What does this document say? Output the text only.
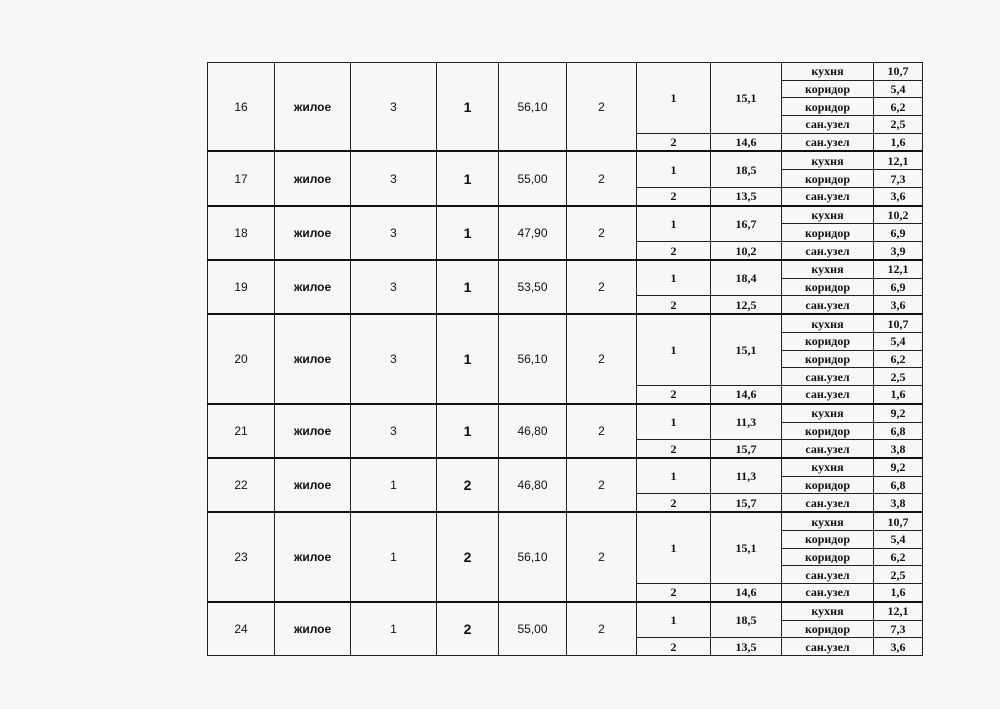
16	жилое	3	1	56,10	2	1	15,1	кухня	10,7
								коридор	5,4
								коридор	6,2
								сан.узел	2,5
						2	14,6	сан.узел	1,6
17	жилое	3	1	55,00	2	1	18,5	кухня	12,1
								коридор	7,3
						2	13,5	сан.узел	3,6
18	жилое	3	1	47,90	2	1	16,7	кухня	10,2
								коридор	6,9
						2	10,2	сан.узел	3,9
19	жилое	3	1	53,50	2	1	18,4	кухня	12,1
								коридор	6,9
						2	12,5	сан.узел	3,6
20	жилое	3	1	56,10	2	1	15,1	кухня	10,7
								коридор	5,4
								коридор	6,2
								сан.узел	2,5
						2	14,6	сан.узел	1,6
21	жилое	3	1	46,80	2	1	11,3	кухня	9,2
								коридор	6,8
						2	15,7	сан.узел	3,8
22	жилое	1	2	46,80	2	1	11,3	кухня	9,2
								коридор	6,8
						2	15,7	сан.узел	3,8
23	жилое	1	2	56,10	2	1	15,1	кухня	10,7
								коридор	5,4
								коридор	6,2
								сан.узел	2,5
						2	14,6	сан.узел	1,6
24	жилое	1	2	55,00	2	1	18,5	кухня	12,1
								коридор	7,3
						2	13,5	сан.узел	3,6
